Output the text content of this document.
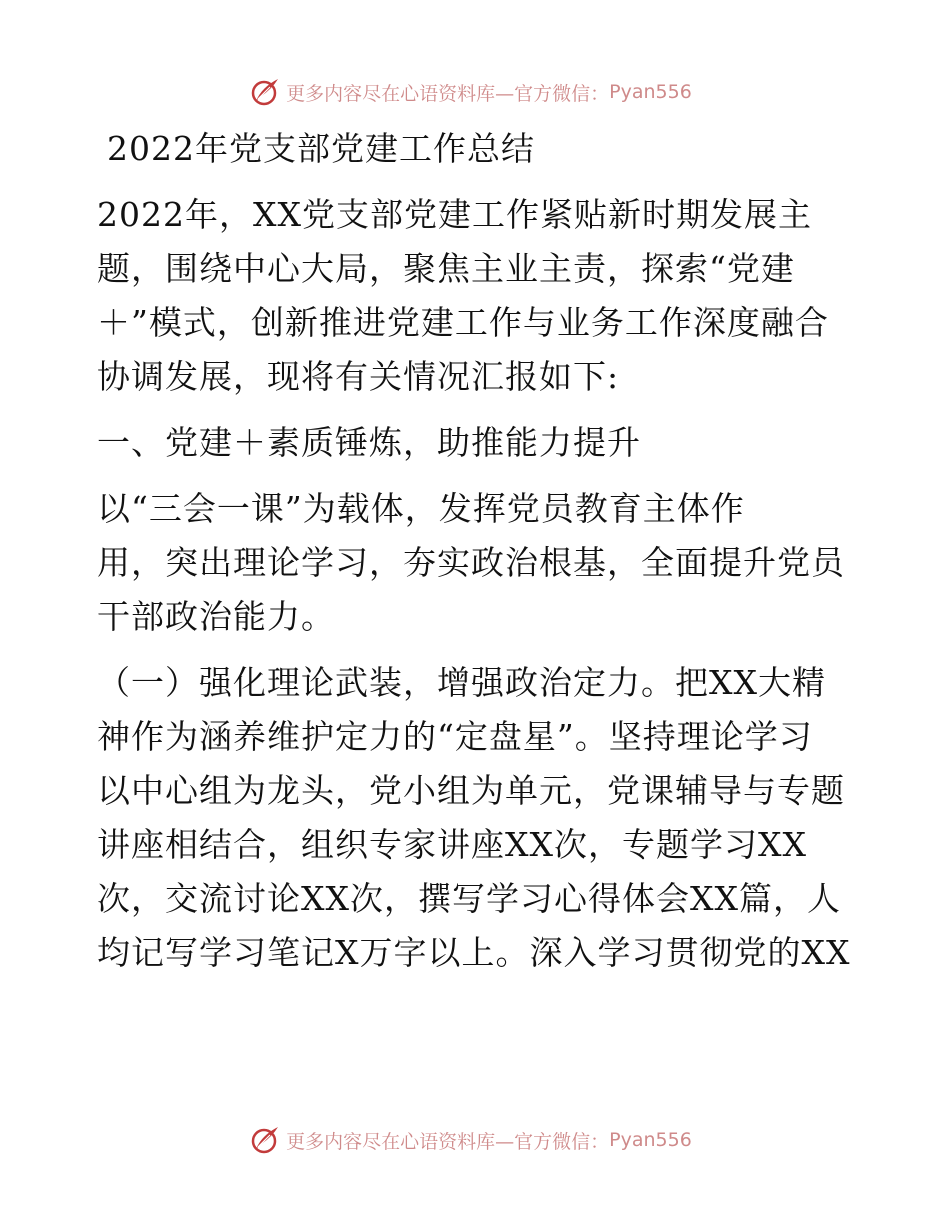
更多内容尽在心语资料库—官方微信： Pyan556
2022年党支部党建工作总结
2022年，XX党支部党建工作紧贴新时期发展主
题，围绕中心大局，聚焦主业主责，探索“党建
＋”模式，创新推进党建工作与业务工作深度融合
协调发展，现将有关情况汇报如下:
一、党建＋素质锤炼，助推能力提升
以“三会一课”为载体，发挥党员教育主体作
用，突出理论学习，夯实政治根基，全面提升党员
干部政治能力。
（一）强化理论武装，增强政治定力。把XX大精
神作为涵养维护定力的“定盘星”。坚持理论学习
以中心组为龙头，党小组为单元，党课辅导与专题
讲座相结合，组织专家讲座XX次，专题学习XX
次，交流讨论XX次，撰写学习心得体会XX篇，人
均记写学习笔记X万字以上。深入学习贯彻党的XX
更多内容尽在心语资料库—官方微信： Pyan556
